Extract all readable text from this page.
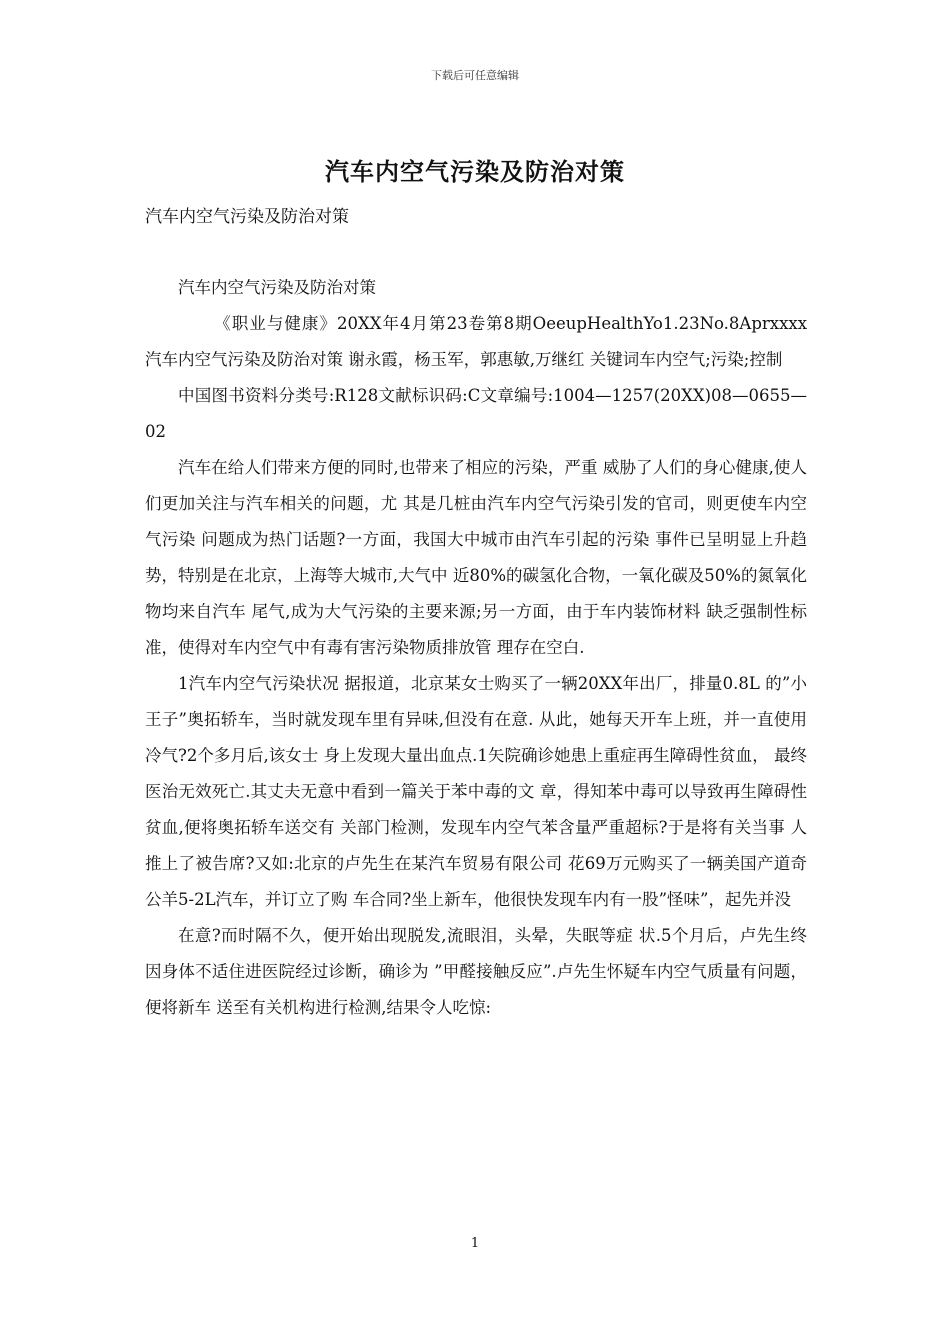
下载后可任意编辑
汽车内空气污染及防治对策
汽车内空气污染及防治对策

汽车内空气污染及防治对策

《职业与健康》20XX年4月第23卷第8期OeeupHealthYo1.23No.8Aprxxxx 汽车内空气污染及防治对策 谢永霞，杨玉军，郭惠敏,万继红 关键词车内空气;污染;控制

中国图书资料分类号:R128文献标识码:C文章编号:1004—1257(20XX)08—0655— 02

汽车在给人们带来方便的同时,也带来了相应的污染，严重 威胁了人们的身心健康,使人们更加关注与汽车相关的问题，尤 其是几桩由汽车内空气污染引发的官司，则更使车内空气污染 问题成为热门话题?一方面，我国大中城市由汽车引起的污染 事件已呈明显上升趋势，特别是在北京，上海等大城市,大气中 近80%的碳氢化合物，一氧化碳及50%的氮氧化物均来自汽车 尾气,成为大气污染的主要来源;另一方面，由于车内装饰材料 缺乏强制性标准，使得对车内空气中有毒有害污染物质排放管 理存在空白.

1汽车内空气污染状况 据报道，北京某女士购买了一辆20XX年出厂，排量0.8L 的”小王子”奥拓轿车，当时就发现车里有异味,但没有在意. 从此，她每天开车上班，并一直使用冷气?2个多月后,该女士 身上发现大量出血点.1矢院确诊她患上重症再生障碍性贫血， 最终医治无效死亡.其丈夫无意中看到一篇关于苯中毒的文 章，得知苯中毒可以导致再生障碍性贫血,便将奥拓轿车送交有 关部门检测，发现车内空气苯含量严重超标?于是将有关当事 人推上了被告席?又如:北京的卢先生在某汽车贸易有限公司 花69万元购买了一辆美国产道奇公羊5-2L汽车，并订立了购 车合同?坐上新车，他很快发现车内有一股”怪味”，起先并没

在意?而时隔不久，便开始出现脱发,流眼泪，头晕，失眠等症 状.5个月后，卢先生终因身体不适住进医院经过诊断，确诊为 ”甲醛接触反应”.卢先生怀疑车内空气质量有问题，便将新车 送至有关机构进行检测,结果令人吃惊:

1
